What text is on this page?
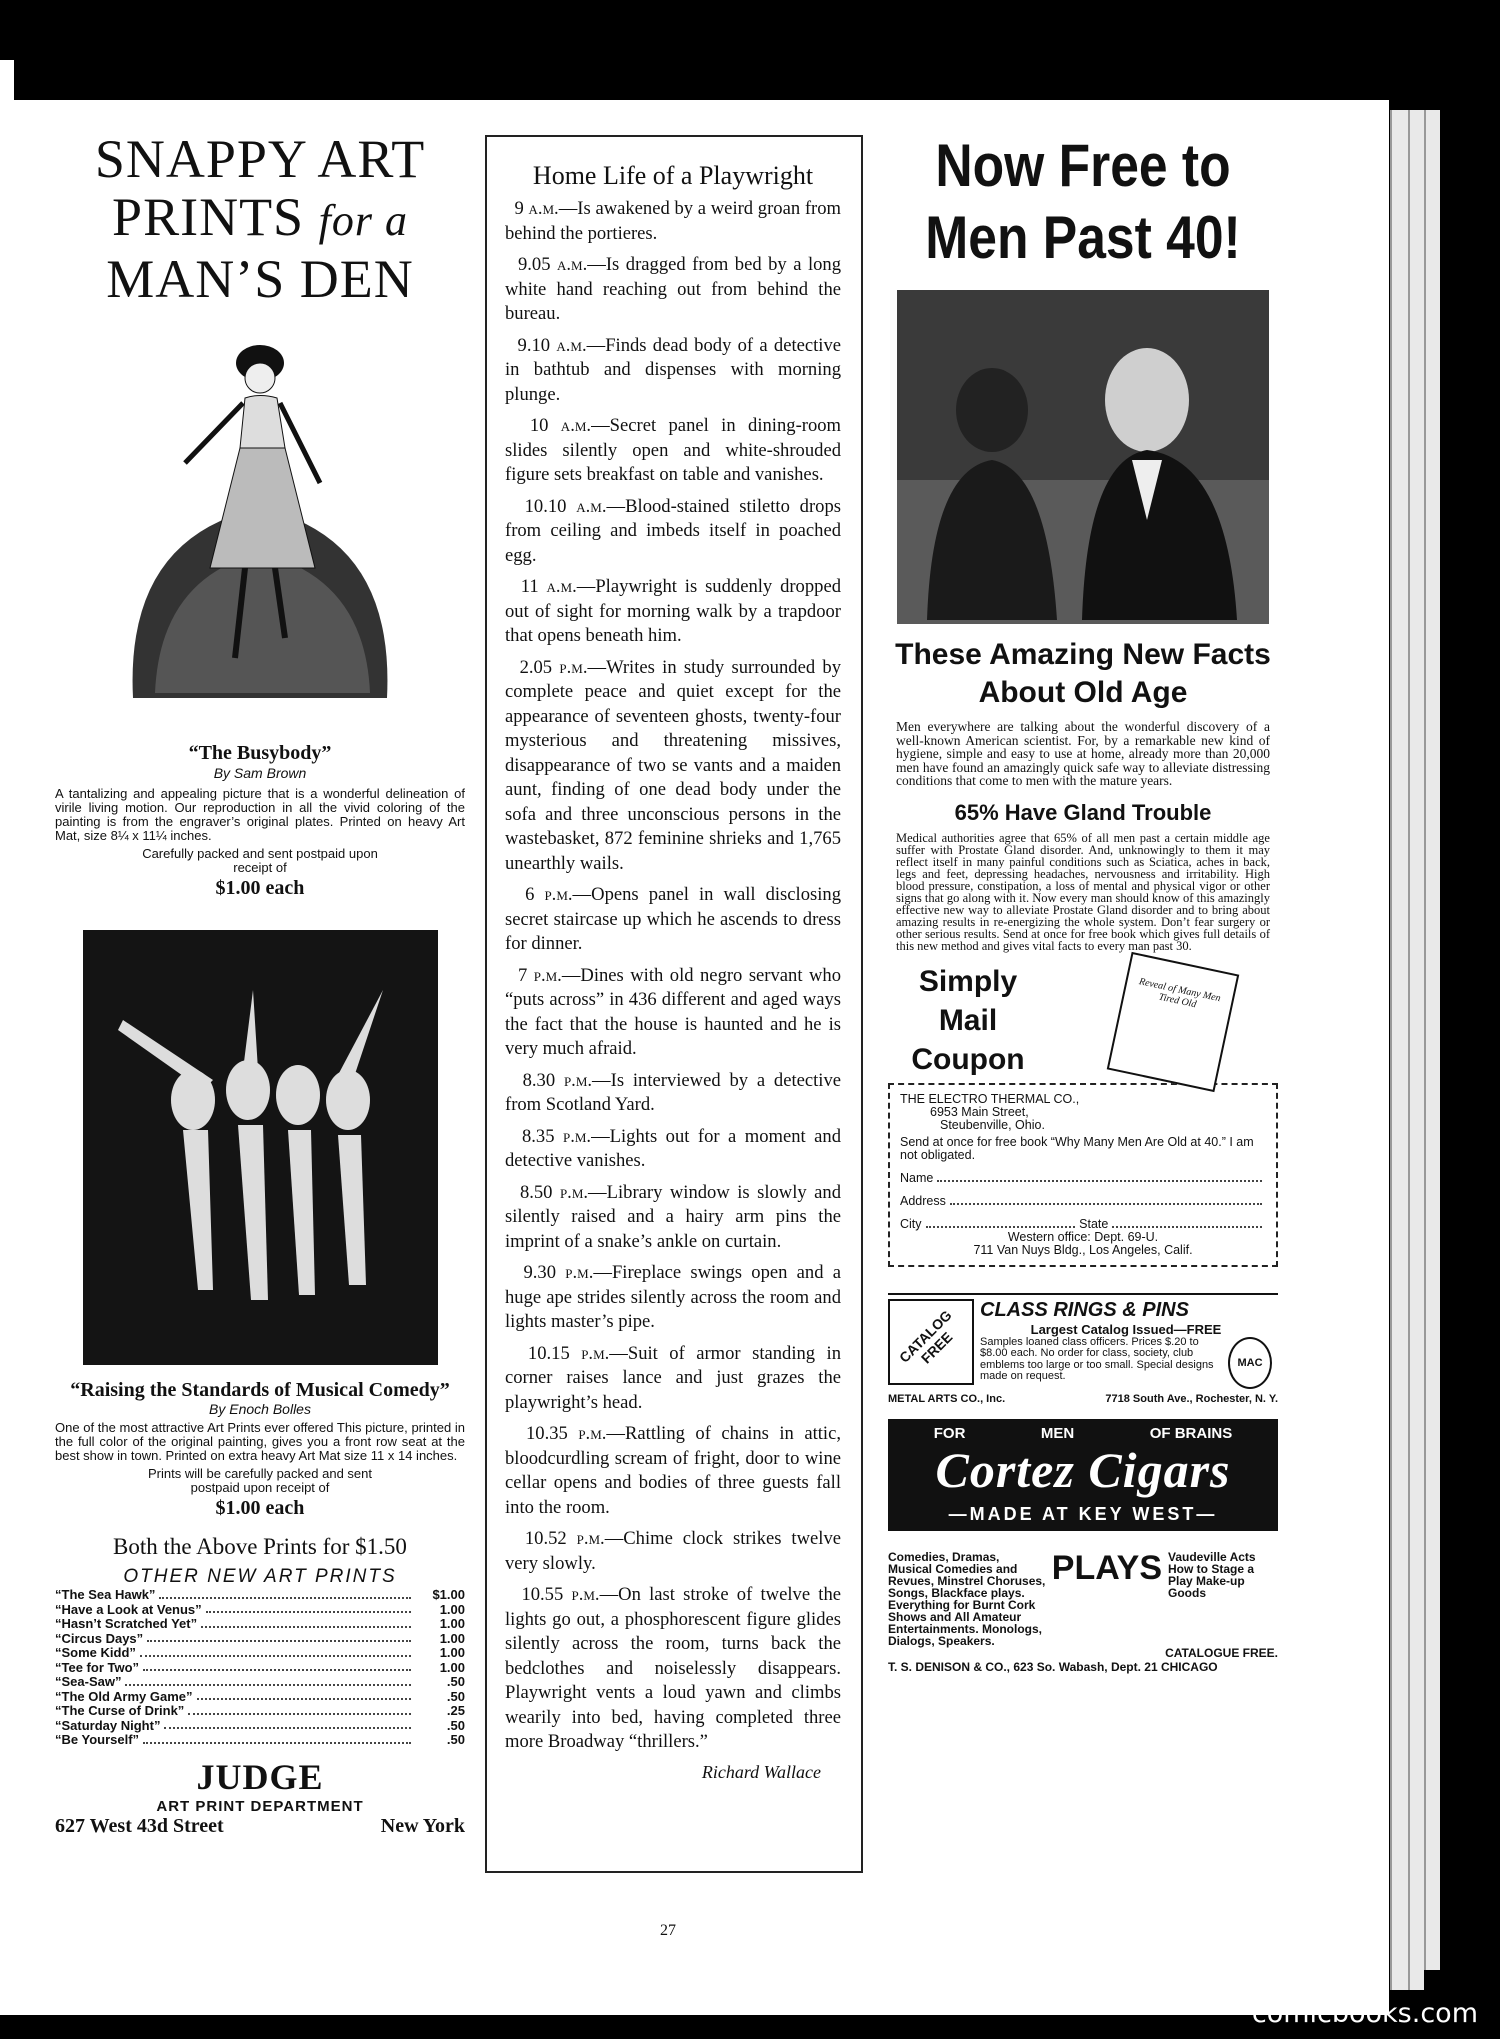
SNAPPY ART
PRINTS for a
MAN’S DEN
“The Busybody”
By Sam Brown
A tantalizing and appealing picture that is a wonderful delineation of virile living motion. Our reproduction in all the vivid coloring of the painting is from the engraver’s original plates. Printed on heavy Art Mat, size 8¼ x 11¼ inches.
Carefully packed and sent postpaid upon receipt of
$1.00 each
“Raising the Standards of Musical Comedy”
By Enoch Bolles
One of the most attractive Art Prints ever offered This picture, printed in the full color of the original painting, gives you a front row seat at the best show in town. Printed on extra heavy Art Mat size 11 x 14 inches.
Prints will be carefully packed and sent postpaid upon receipt of
$1.00 each
Both the Above Prints for $1.50
OTHER NEW ART PRINTS
“The Sea Hawk”	$1.00
“Have a Look at Venus”	1.00
“Hasn’t Scratched Yet”	1.00
“Circus Days”	1.00
“Some Kidd”	1.00
“Tee for Two”	1.00
“Sea-Saw”	.50
“The Old Army Game”	.50
“The Curse of Drink”	.25
“Saturday Night”	.50
“Be Yourself”	.50
JUDGE
ART PRINT DEPARTMENT
627 West 43d Street	New York
Home Life of a Playwright
9 a.m.—Is awakened by a weird groan from behind the portieres.
9.05 a.m.—Is dragged from bed by a long white hand reaching out from behind the bureau.
9.10 a.m.—Finds dead body of a detective in bathtub and dispenses with morning plunge.
10 a.m.—Secret panel in dining-room slides silently open and white-shrouded figure sets breakfast on table and vanishes.
10.10 a.m.—Blood-stained stiletto drops from ceiling and imbeds itself in poached egg.
11 a.m.—Playwright is suddenly dropped out of sight for morning walk by a trapdoor that opens beneath him.
2.05 p.m.—Writes in study surrounded by complete peace and quiet except for the appearance of seventeen ghosts, twenty-four mysterious and threatening missives, disappearance of two se vants and a maiden aunt, finding of one dead body under the sofa and three unconscious persons in the wastebasket, 872 feminine shrieks and 1,765 unearthly wails.
6 p.m.—Opens panel in wall disclosing secret staircase up which he ascends to dress for dinner.
7 p.m.—Dines with old negro servant who “puts across” in 436 different and aged ways the fact that the house is haunted and he is very much afraid.
8.30 p.m.—Is interviewed by a detective from Scotland Yard.
8.35 p.m.—Lights out for a moment and detective vanishes.
8.50 p.m.—Library window is slowly and silently raised and a hairy arm pins the imprint of a snake’s ankle on curtain.
9.30 p.m.—Fireplace swings open and a huge ape strides silently across the room and lights master’s pipe.
10.15 p.m.—Suit of armor standing in corner raises lance and just grazes the playwright’s head.
10.35 p.m.—Rattling of chains in attic, bloodcurdling scream of fright, door to wine cellar opens and bodies of three guests fall into the room.
10.52 p.m.—Chime clock strikes twelve very slowly.
10.55 p.m.—On last stroke of twelve the lights go out, a phosphorescent figure glides silently across the room, turns back the bedclothes and noiselessly disappears. Playwright vents a loud yawn and climbs wearily into bed, having completed three more Broadway “thrillers.”
Richard Wallace
Now Free to
Men Past 40!
These Amazing New Facts About Old Age
Men everywhere are talking about the wonderful discovery of a well-known American scientist. For, by a remarkable new kind of hygiene, simple and easy to use at home, already more than 20,000 men have found an amazingly quick safe way to alleviate distressing conditions that come to men with the mature years.
65% Have Gland Trouble
Medical authorities agree that 65% of all men past a certain middle age suffer with Prostate Gland disorder. And, unknowingly to them it may reflect itself in many painful conditions such as Sciatica, aches in back, legs and feet, depressing headaches, nervousness and irritability. High blood pressure, constipation, a loss of mental and physical vigor or other signs that go along with it. Now every man should know of this amazingly effective new way to alleviate Prostate Gland disorder and to bring about amazing results in re-energizing the whole system. Don’t fear surgery or other serious results. Send at once for free book which gives full details of this new method and gives vital facts to every man past 30.
Simply
Mail
Coupon
Reveal of Many Men Tired Old
THE ELECTRO THERMAL CO.,
6953 Main Street,
Steubenville, Ohio.
Send at once for free book “Why Many Men Are Old at 40.” I am not obligated.
Name
Address
City	State
Western office: Dept. 69-U.
711 Van Nuys Bldg., Los Angeles, Calif.
CATALOG FREE
CLASS RINGS & PINS
Largest Catalog Issued—FREE
Samples loaned class officers. Prices $.20 to $8.00 each. No order for class, society, club emblems too large or too small. Special designs made on request.
MAC
METAL ARTS CO., Inc.	7718 South Ave., Rochester, N. Y.
FOR	MEN	OF BRAINS
Cortez Cigars
—MADE AT KEY WEST—
Comedies, Dramas, Musical Comedies and Revues, Minstrel Choruses, Songs, Blackface plays. Everything for Burnt Cork Shows and All Amateur Entertainments. Monologs, Dialogs, Speakers.
PLAYS Vaudeville Acts How to Stage a Play Make-up Goods
CATALOGUE FREE.
T. S. DENISON & CO., 623 So. Wabash, Dept. 21 CHICAGO
27
comicbooks.com
